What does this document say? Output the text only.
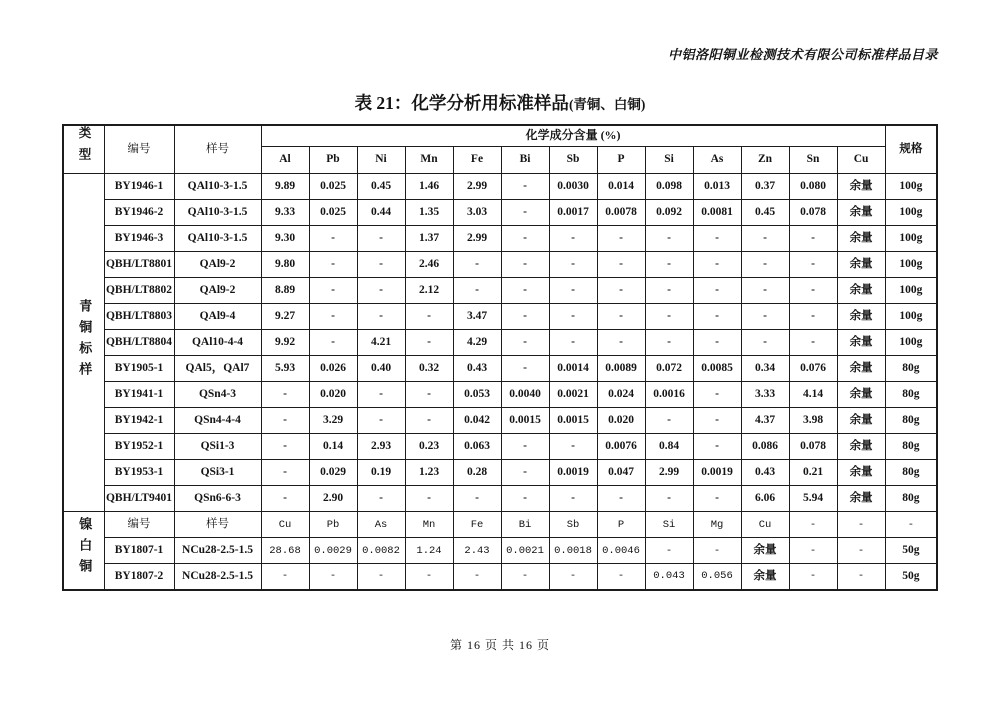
中铝洛阳铜业检测技术有限公司标准样品目录
表 21：化学分析用标准样品(青铜、白铜)
类型	编号	样号	化学成分含量 (%)													规格
			Al	Pb	Ni	Mn	Fe	Bi	Sb	P	Si	As	Zn	Sn	Cu	
青铜标样	BY1946-1	QAl10-3-1.5	9.89	0.025	0.45	1.46	2.99	-	0.0030	0.014	0.098	0.013	0.37	0.080	余量	100g
	BY1946-2	QAl10-3-1.5	9.33	0.025	0.44	1.35	3.03	-	0.0017	0.0078	0.092	0.0081	0.45	0.078	余量	100g
	BY1946-3	QAl10-3-1.5	9.30	-	-	1.37	2.99	-	-	-	-	-	-	-	余量	100g
	QBH/LT8801	QAl9-2	9.80	-	-	2.46	-	-	-	-	-	-	-	-	余量	100g
	QBH/LT8802	QAl9-2	8.89	-	-	2.12	-	-	-	-	-	-	-	-	余量	100g
	QBH/LT8803	QAl9-4	9.27	-	-	-	3.47	-	-	-	-	-	-	-	余量	100g
	QBH/LT8804	QAl10-4-4	9.92	-	4.21	-	4.29	-	-	-	-	-	-	-	余量	100g
	BY1905-1	QAl5，QAl7	5.93	0.026	0.40	0.32	0.43	-	0.0014	0.0089	0.072	0.0085	0.34	0.076	余量	80g
	BY1941-1	QSn4-3	-	0.020	-	-	0.053	0.0040	0.0021	0.024	0.0016	-	3.33	4.14	余量	80g
	BY1942-1	QSn4-4-4	-	3.29	-	-	0.042	0.0015	0.0015	0.020	-	-	4.37	3.98	余量	80g
	BY1952-1	QSi1-3	-	0.14	2.93	0.23	0.063	-	-	0.0076	0.84	-	0.086	0.078	余量	80g
	BY1953-1	QSi3-1	-	0.029	0.19	1.23	0.28	-	0.0019	0.047	2.99	0.0019	0.43	0.21	余量	80g
	QBH/LT9401	QSn6-6-3	-	2.90	-	-	-	-	-	-	-	-	6.06	5.94	余量	80g
镍白铜	编号	样号	Cu	Pb	As	Mn	Fe	Bi	Sb	P	Si	Mg	Cu	-	-	-
	BY1807-1	NCu28-2.5-1.5	28.68	0.0029	0.0082	1.24	2.43	0.0021	0.0018	0.0046	-	-	余量	-	-	50g
	BY1807-2	NCu28-2.5-1.5	-	-	-	-	-	-	-	-	0.043	0.056	余量	-	-	50g
第 16 页 共 16 页
